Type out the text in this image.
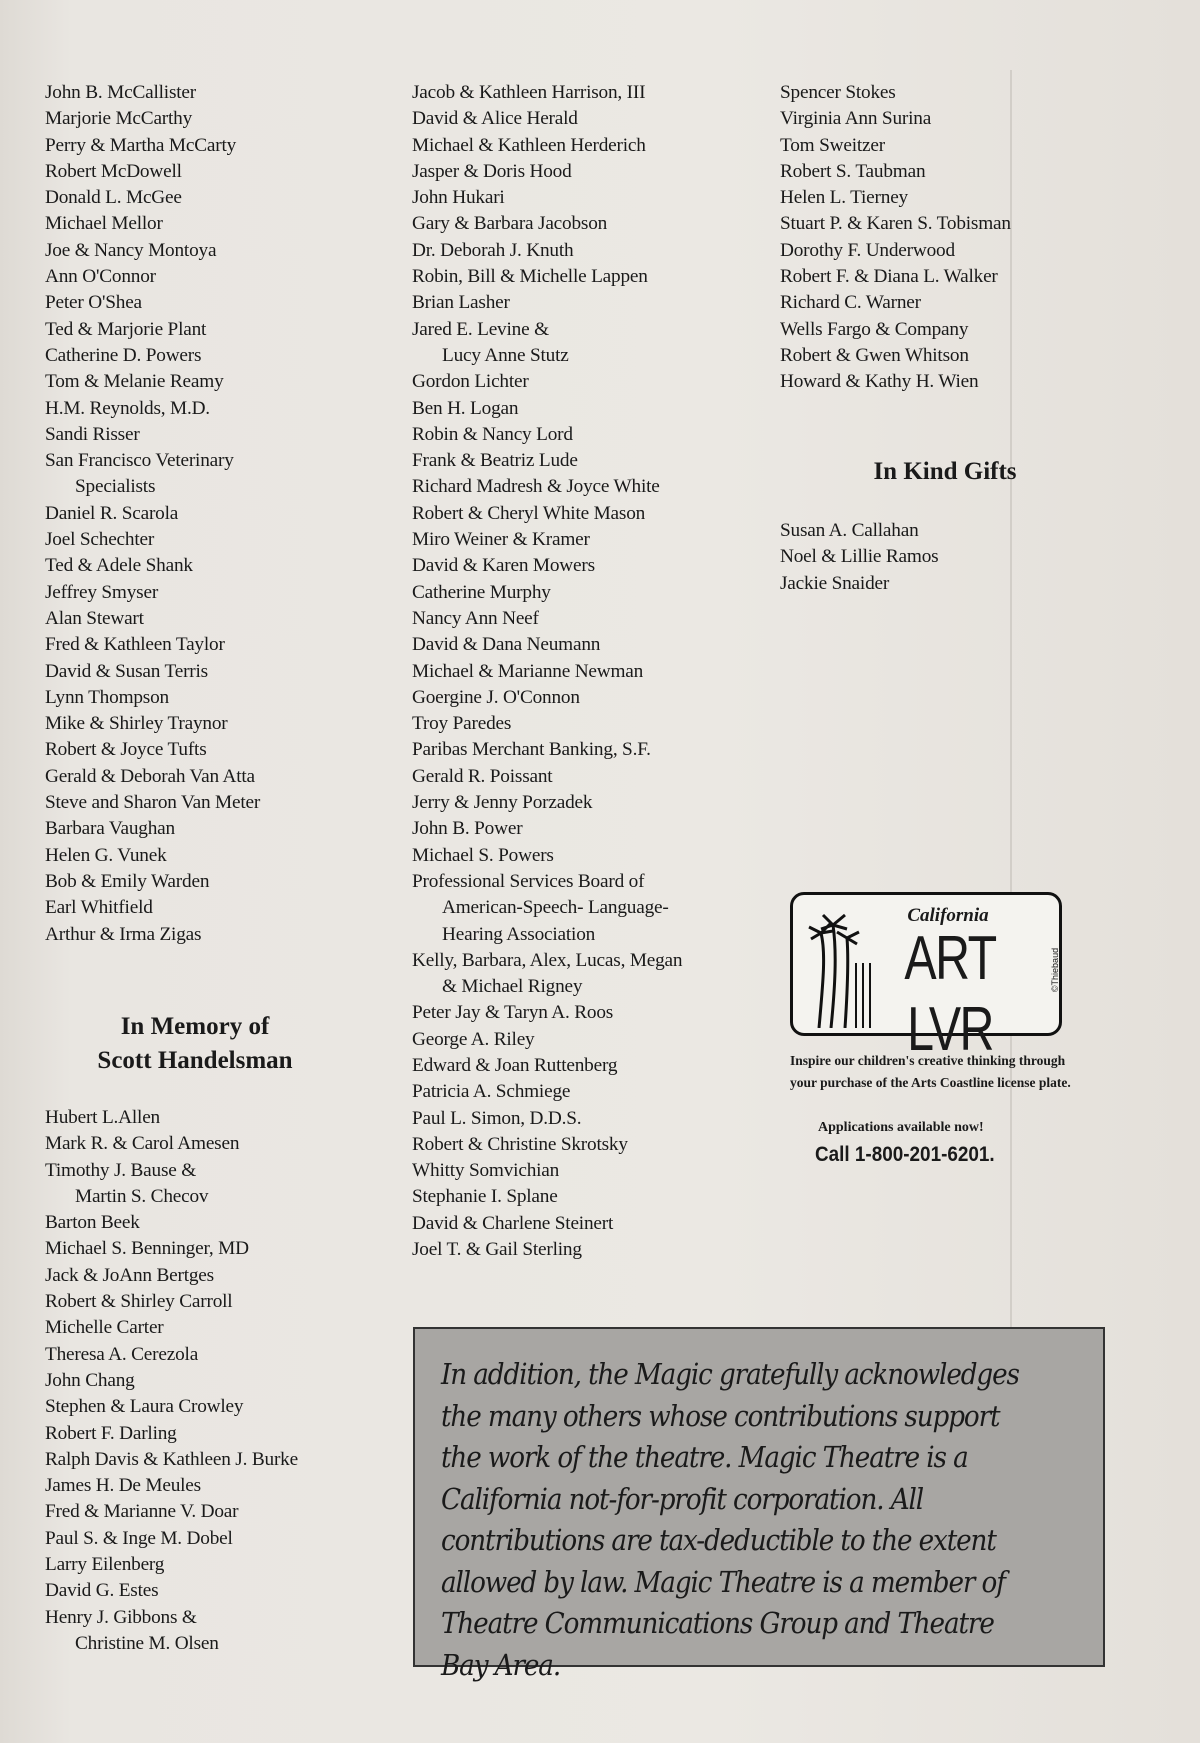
John B. McCallister
Marjorie McCarthy
Perry & Martha McCarty
Robert McDowell
Donald L. McGee
Michael Mellor
Joe & Nancy Montoya
Ann O'Connor
Peter O'Shea
Ted & Marjorie Plant
Catherine D. Powers
Tom & Melanie Reamy
H.M. Reynolds, M.D.
Sandi Risser
San Francisco Veterinary
Specialists
Daniel R. Scarola
Joel Schechter
Ted & Adele Shank
Jeffrey Smyser
Alan Stewart
Fred & Kathleen Taylor
David & Susan Terris
Lynn Thompson
Mike & Shirley Traynor
Robert & Joyce Tufts
Gerald & Deborah Van Atta
Steve and Sharon Van Meter
Barbara Vaughan
Helen G. Vunek
Bob & Emily Warden
Earl Whitfield
Arthur & Irma Zigas
In Memory of
Scott Handelsman
Hubert L.Allen
Mark R. & Carol Amesen
Timothy J. Bause &
Martin S. Checov
Barton Beek
Michael S. Benninger, MD
Jack & JoAnn Bertges
Robert & Shirley Carroll
Michelle Carter
Theresa A. Cerezola
John Chang
Stephen & Laura Crowley
Robert F. Darling
Ralph Davis & Kathleen J. Burke
James H. De Meules
Fred & Marianne V. Doar
Paul S. & Inge M. Dobel
Larry Eilenberg
David G. Estes
Henry J. Gibbons &
Christine M. Olsen
Jacob & Kathleen Harrison, III
David & Alice Herald
Michael & Kathleen Herderich
Jasper & Doris Hood
John Hukari
Gary & Barbara Jacobson
Dr. Deborah J. Knuth
Robin, Bill & Michelle Lappen
Brian Lasher
Jared E. Levine &
Lucy Anne Stutz
Gordon Lichter
Ben H. Logan
Robin & Nancy Lord
Frank & Beatriz Lude
Richard Madresh & Joyce White
Robert & Cheryl White Mason
Miro Weiner & Kramer
David & Karen Mowers
Catherine Murphy
Nancy Ann Neef
David & Dana Neumann
Michael & Marianne Newman
Goergine J. O'Connon
Troy Paredes
Paribas Merchant Banking, S.F.
Gerald R. Poissant
Jerry & Jenny Porzadek
John B. Power
Michael S. Powers
Professional Services Board of
American-Speech- Language-
Hearing Association
Kelly, Barbara, Alex, Lucas, Megan
& Michael Rigney
Peter Jay & Taryn A. Roos
George A. Riley
Edward & Joan Ruttenberg
Patricia A. Schmiege
Paul L. Simon, D.D.S.
Robert & Christine Skrotsky
Whitty Somvichian
Stephanie I. Splane
David & Charlene Steinert
Joel T. & Gail Sterling
Spencer Stokes
Virginia Ann Surina
Tom Sweitzer
Robert S. Taubman
Helen L. Tierney
Stuart P. & Karen S. Tobisman
Dorothy F. Underwood
Robert F. & Diana L. Walker
Richard C. Warner
Wells Fargo & Company
Robert & Gwen Whitson
Howard & Kathy H. Wien
In Kind Gifts
Susan A. Callahan
Noel & Lillie Ramos
Jackie Snaider
California
ART LVR
©Thiebaud
Inspire our children's creative thinking through your purchase of the Arts Coastline license plate.
Applications available now!
Call 1-800-201-6201.
In addition, the Magic gratefully acknowledges the many others whose contributions support the work of the theatre. Magic Theatre is a California not-for-profit corporation. All contributions are tax-deductible to the extent allowed by law. Magic Theatre is a member of Theatre Communications Group and Theatre Bay Area.
